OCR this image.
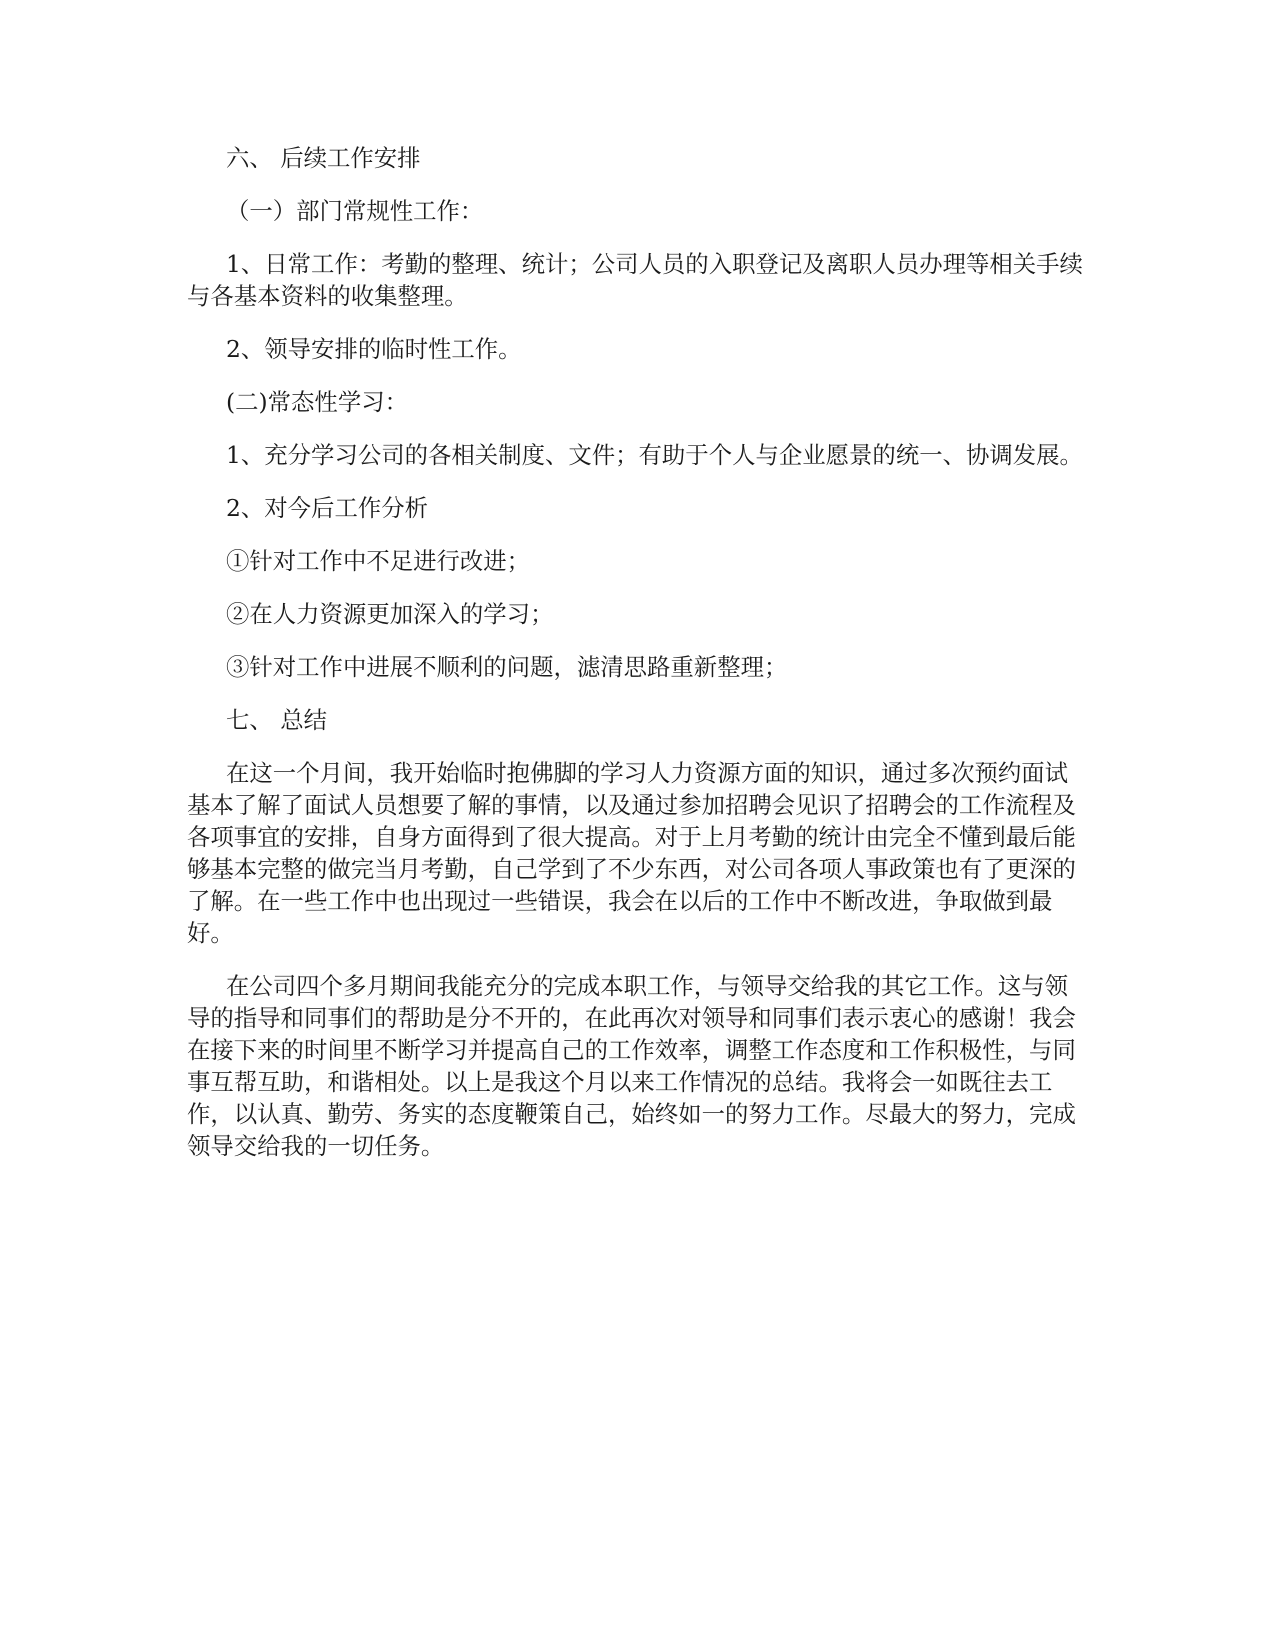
六、 后续工作安排

（一）部门常规性工作：

1、日常工作：考勤的整理、统计；公司人员的入职登记及离职人员办理等相关手续与各基本资料的收集整理。

2、领导安排的临时性工作。

(二)常态性学习：

1、充分学习公司的各相关制度、文件；有助于个人与企业愿景的统一、协调发展。

2、对今后工作分析

①针对工作中不足进行改进；

②在人力资源更加深入的学习；

③针对工作中进展不顺利的问题，滤清思路重新整理；

七、 总结

在这一个月间，我开始临时抱佛脚的学习人力资源方面的知识，通过多次预约面试基本了解了面试人员想要了解的事情，以及通过参加招聘会见识了招聘会的工作流程及各项事宜的安排，自身方面得到了很大提高。对于上月考勤的统计由完全不懂到最后能够基本完整的做完当月考勤，自己学到了不少东西，对公司各项人事政策也有了更深的了解。在一些工作中也出现过一些错误，我会在以后的工作中不断改进，争取做到最好。

在公司四个多月期间我能充分的完成本职工作，与领导交给我的其它工作。这与领导的指导和同事们的帮助是分不开的，在此再次对领导和同事们表示衷心的感谢！我会在接下来的时间里不断学习并提高自己的工作效率，调整工作态度和工作积极性，与同事互帮互助，和谐相处。以上是我这个月以来工作情况的总结。我将会一如既往去工作，以认真、勤劳、务实的态度鞭策自己，始终如一的努力工作。尽最大的努力，完成领导交给我的一切任务。
